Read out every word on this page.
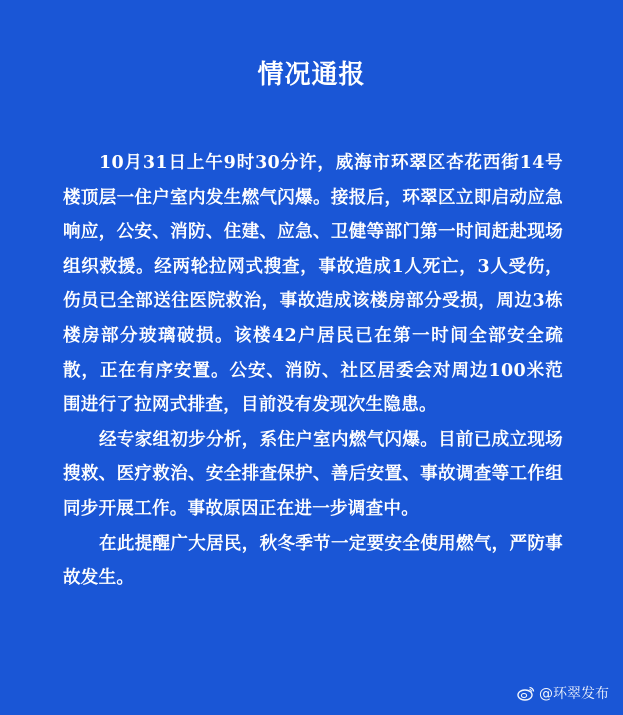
情况通报

10月31日上午9时30分许，威海市环翠区杏花西街14号楼顶层一住户室内发生燃气闪爆。接报后，环翠区立即启动应急响应，公安、消防、住建、应急、卫健等部门第一时间赶赴现场组织救援。经两轮拉网式搜查，事故造成1人死亡，3人受伤，伤员已全部送往医院救治，事故造成该楼房部分受损，周边3栋楼房部分玻璃破损。该楼42户居民已在第一时间全部安全疏散，正在有序安置。公安、消防、社区居委会对周边100米范围进行了拉网式排查，目前没有发现次生隐患。

经专家组初步分析，系住户室内燃气闪爆。目前已成立现场搜救、医疗救治、安全排查保护、善后安置、事故调查等工作组同步开展工作。事故原因正在进一步调查中。

在此提醒广大居民，秋冬季节一定要安全使用燃气，严防事故发生。

@环翠发布
